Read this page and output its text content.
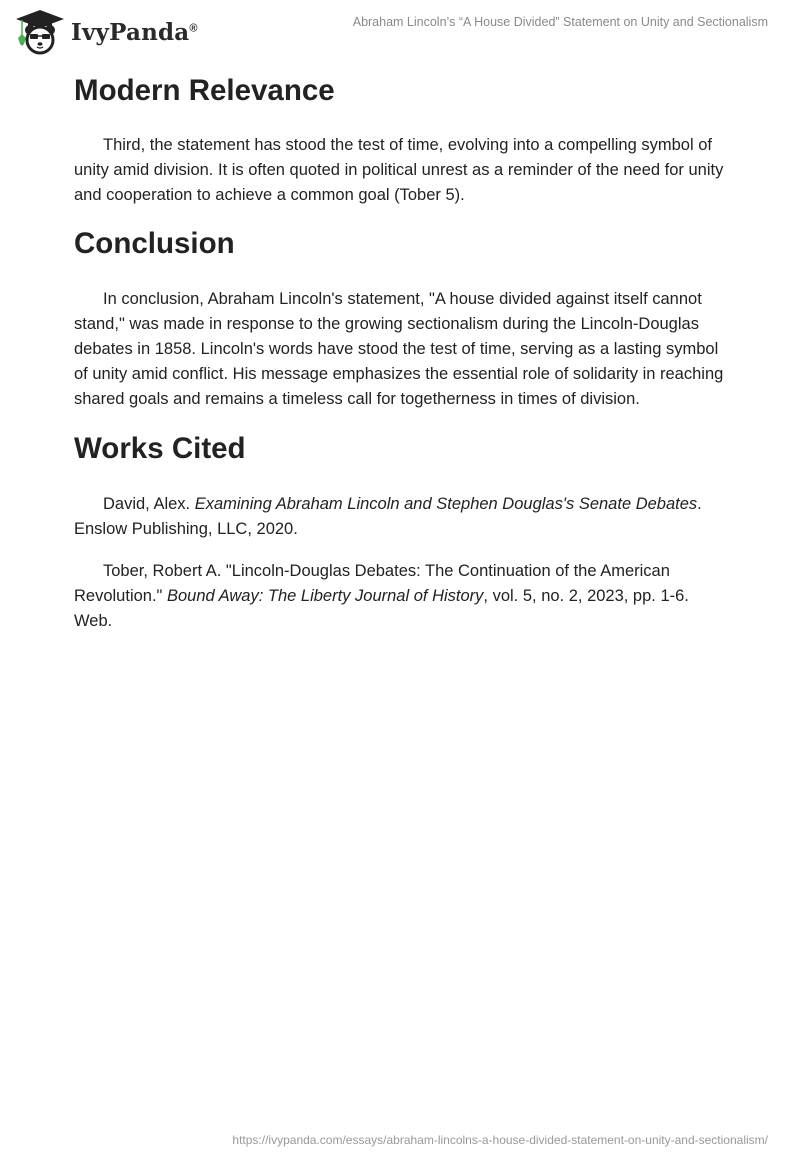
IvyPanda®	Abraham Lincoln’s “A House Divided” Statement on Unity and Sectionalism
Modern Relevance

Third, the statement has stood the test of time, evolving into a compelling symbol of unity amid division. It is often quoted in political unrest as a reminder of the need for unity and cooperation to achieve a common goal (Tober 5).

Conclusion

In conclusion, Abraham Lincoln's statement, "A house divided against itself cannot stand," was made in response to the growing sectionalism during the Lincoln-Douglas debates in 1858. Lincoln's words have stood the test of time, serving as a lasting symbol of unity amid conflict. His message emphasizes the essential role of solidarity in reaching shared goals and remains a timeless call for togetherness in times of division.

Works Cited

David, Alex. Examining Abraham Lincoln and Stephen Douglas's Senate Debates. Enslow Publishing, LLC, 2020.

Tober, Robert A. "Lincoln-Douglas Debates: The Continuation of the American Revolution." Bound Away: The Liberty Journal of History, vol. 5, no. 2, 2023, pp. 1-6. Web.

https://ivypanda.com/essays/abraham-lincolns-a-house-divided-statement-on-unity-and-sectionalism/
